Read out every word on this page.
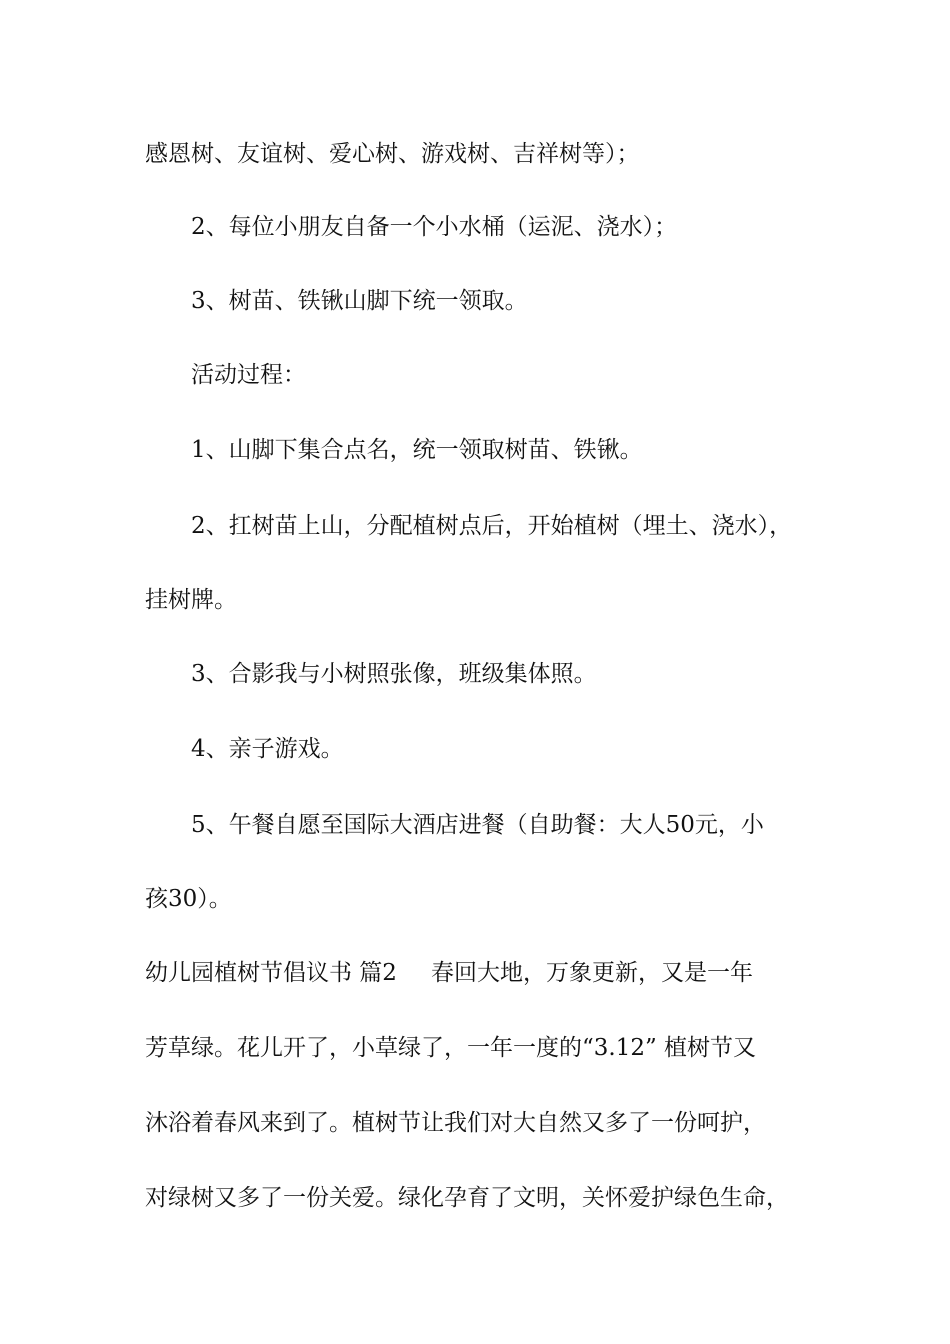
感恩树、友谊树、爱心树、游戏树、吉祥树等）；
2、每位小朋友自备一个小水桶（运泥、浇水）；
3、树苗、铁锹山脚下统一领取。
活动过程：
1、山脚下集合点名，统一领取树苗、铁锹。
2、扛树苗上山，分配植树点后，开始植树（埋土、浇水），
挂树牌。
3、合影我与小树照张像，班级集体照。
4、亲子游戏。
5、午餐自愿至国际大酒店进餐（自助餐：大人50元，小
孩30）。
幼儿园植树节倡议书 篇2 春回大地，万象更新，又是一年
芳草绿。花儿开了，小草绿了，一年一度的“3.12” 植树节又
沐浴着春风来到了。植树节让我们对大自然又多了一份呵护，
对绿树又多了一份关爱。绿化孕育了文明，关怀爱护绿色生命，
